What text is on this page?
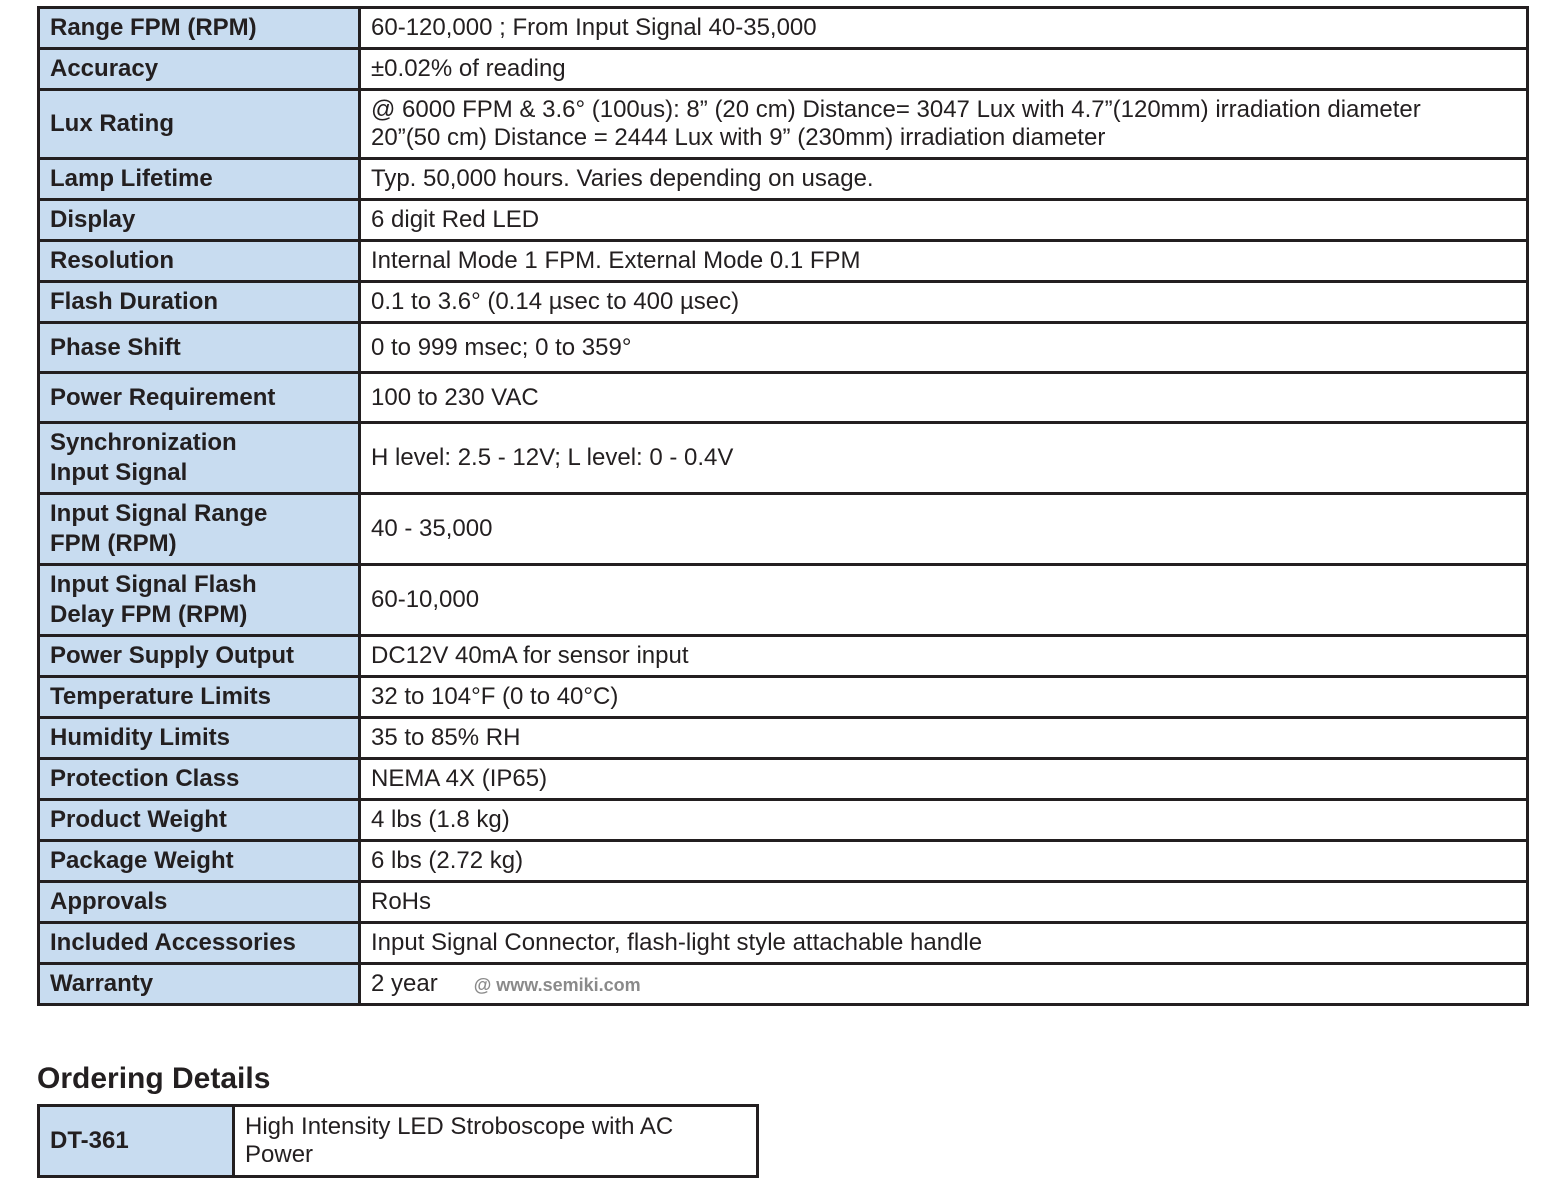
Range FPM (RPM)	60-120,000 ; From Input Signal 40-35,000

Accuracy	±0.02% of reading

Lux Rating	@ 6000 FPM & 3.6° (100us): 8” (20 cm) Distance= 3047 Lux with 4.7”(120mm) irradiation diameter
20”(50 cm) Distance = 2444 Lux with 9” (230mm) irradiation diameter

Lamp Lifetime	Typ. 50,000 hours. Varies depending on usage.

Display	6 digit Red LED

Resolution	Internal Mode 1 FPM. External Mode 0.1 FPM

Flash Duration	0.1 to 3.6° (0.14 µsec to 400 µsec)

Phase Shift	0 to 999 msec; 0 to 359°

Power Requirement	100 to 230 VAC

Synchronization
Input Signal	H level: 2.5 - 12V; L level: 0 - 0.4V

Input Signal Range
FPM (RPM)	40 - 35,000

Input Signal Flash
Delay FPM (RPM)	60-10,000

Power Supply Output	DC12V 40mA for sensor input

Temperature Limits	32 to 104°F (0 to 40°C)

Humidity Limits	35 to 85% RH

Protection Class	NEMA 4X (IP65)

Product Weight	4 lbs (1.8 kg)

Package Weight	6 lbs (2.72 kg)

Approvals	RoHs

Included Accessories	Input Signal Connector, flash-light style attachable handle

Warranty	2 year @ www.semiki.com
Ordering Details
DT-361	High Intensity LED Stroboscope with AC Power
